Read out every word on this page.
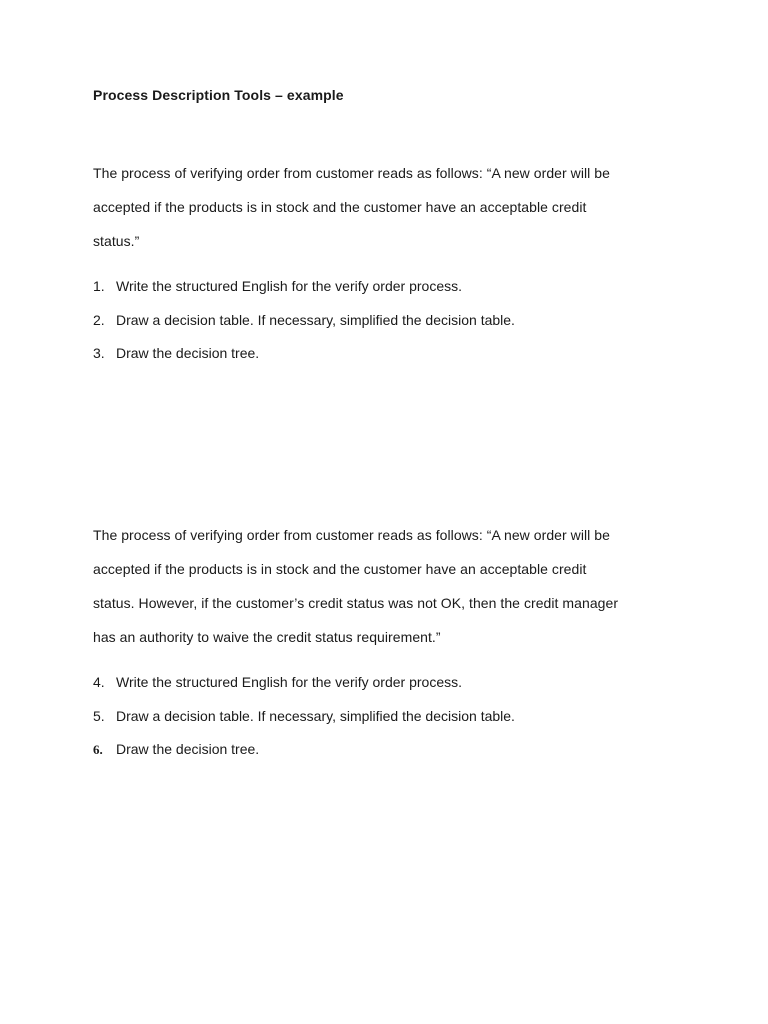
Process Description Tools – example
The process of verifying order from customer reads as follows: “A new order will be
accepted if the products is in stock and the customer have an acceptable credit
status.”
1. Write the structured English for the verify order process.
2. Draw a decision table. If necessary, simplified the decision table.
3. Draw the decision tree.
The process of verifying order from customer reads as follows: “A new order will be
accepted if the products is in stock and the customer have an acceptable credit
status. However, if the customer’s credit status was not OK, then the credit manager
has an authority to waive the credit status requirement.”
4. Write the structured English for the verify order process.
5. Draw a decision table. If necessary, simplified the decision table.
6. Draw the decision tree.
